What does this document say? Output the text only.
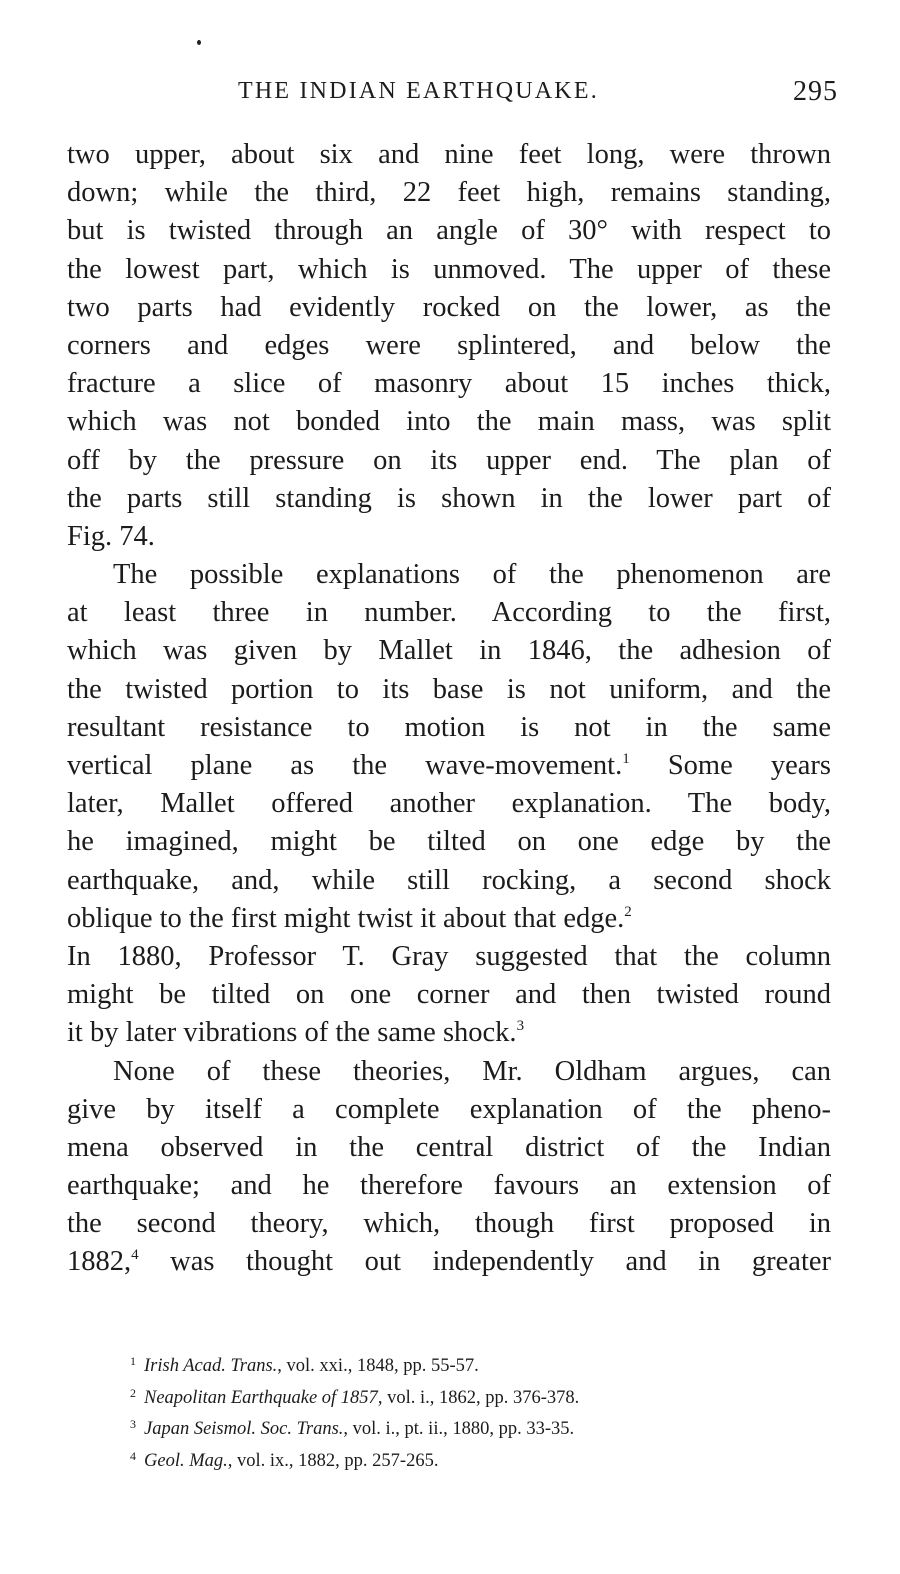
THE INDIAN EARTHQUAKE.	295
two upper, about six and nine feet long, were thrown
down; while the third, 22 feet high, remains standing,
but is twisted through an angle of 30° with respect to
the lowest part, which is unmoved. The upper of these
two parts had evidently rocked on the lower, as the
corners and edges were splintered, and below the
fracture a slice of masonry about 15 inches thick,
which was not bonded into the main mass, was split
off by the pressure on its upper end. The plan of
the parts still standing is shown in the lower part of
Fig. 74.
The possible explanations of the phenomenon are
at least three in number. According to the first,
which was given by Mallet in 1846, the adhesion of
the twisted portion to its base is not uniform, and the
resultant resistance to motion is not in the same
vertical plane as the wave-movement.$^1$ Some years
later, Mallet offered another explanation. The body,
he imagined, might be tilted on one edge by the
earthquake, and, while still rocking, a second shock
oblique to the first might twist it about that edge.$^2$
In 1880, Professor T. Gray suggested that the column
might be tilted on one corner and then twisted round
it by later vibrations of the same shock.$^3$
None of these theories, Mr. Oldham argues, can
give by itself a complete explanation of the pheno-
mena observed in the central district of the Indian
earthquake; and he therefore favours an extension of
the second theory, which, though first proposed in
1882,$^4$ was thought out independently and in greater
$^1$ Irish Acad. Trans., vol. xxi., 1848, pp. 55-57.
$^2$ Neapolitan Earthquake of 1857, vol. i., 1862, pp. 376-378.
$^3$ Japan Seismol. Soc. Trans., vol. i., pt. ii., 1880, pp. 33-35.
$^4$ Geol. Mag., vol. ix., 1882, pp. 257-265.
